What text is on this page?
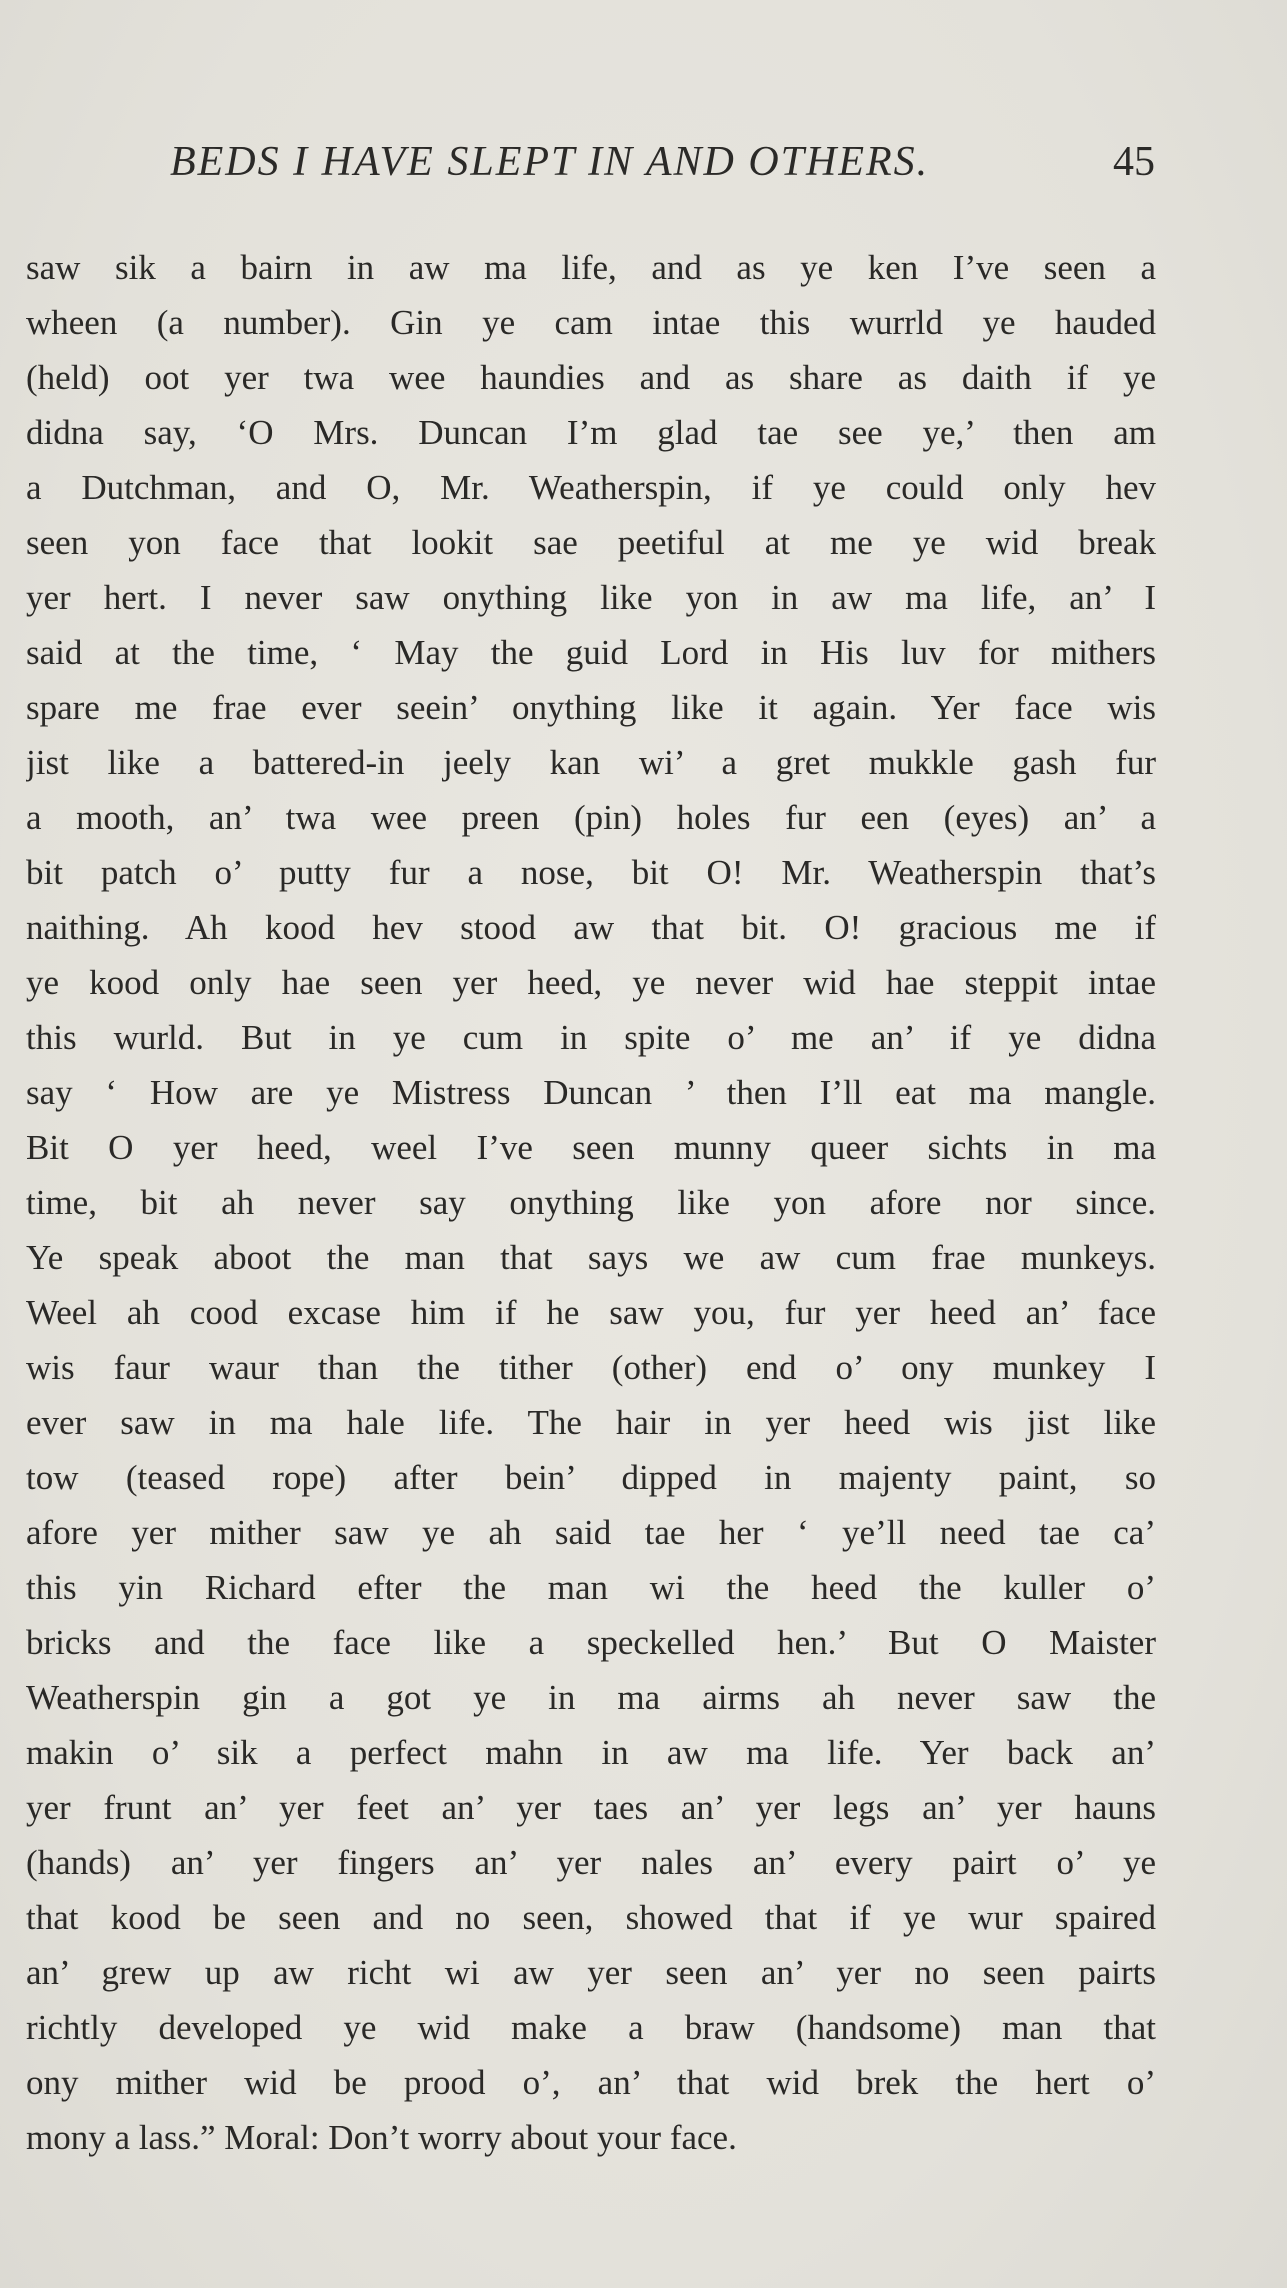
BEDS I HAVE SLEPT IN AND OTHERS.	45
saw sik a bairn in aw ma life, and as ye ken I’ve seen a
wheen (a number). Gin ye cam intae this wurrld ye hauded
(held) oot yer twa wee haundies and as share as daith if ye
didna say, ‘O Mrs. Duncan I’m glad tae see ye,’ then am
a Dutchman, and O, Mr. Weatherspin, if ye could only hev
seen yon face that lookit sae peetiful at me ye wid break
yer hert. I never saw onything like yon in aw ma life, an’ I
said at the time, ‘ May the guid Lord in His luv for mithers
spare me frae ever seein’ onything like it again. Yer face wis
jist like a battered-in jeely kan wi’ a gret mukkle gash fur
a mooth, an’ twa wee preen (pin) holes fur een (eyes) an’ a
bit patch o’ putty fur a nose, bit O! Mr. Weatherspin that’s
naithing. Ah kood hev stood aw that bit. O! gracious me if
ye kood only hae seen yer heed, ye never wid hae steppit intae
this wurld. But in ye cum in spite o’ me an’ if ye didna
say ‘ How are ye Mistress Duncan ’ then I’ll eat ma mangle.
Bit O yer heed, weel I’ve seen munny queer sichts in ma
time, bit ah never say onything like yon afore nor since.
Ye speak aboot the man that says we aw cum frae munkeys.
Weel ah cood excase him if he saw you, fur yer heed an’ face
wis faur waur than the tither (other) end o’ ony munkey I
ever saw in ma hale life. The hair in yer heed wis jist like
tow (teased rope) after bein’ dipped in majenty paint, so
afore yer mither saw ye ah said tae her ‘ ye’ll need tae ca’
this yin Richard efter the man wi the heed the kuller o’
bricks and the face like a speckelled hen.’ But O Maister
Weatherspin gin a got ye in ma airms ah never saw the
makin o’ sik a perfect mahn in aw ma life. Yer back an’
yer frunt an’ yer feet an’ yer taes an’ yer legs an’ yer hauns
(hands) an’ yer fingers an’ yer nales an’ every pairt o’ ye
that kood be seen and no seen, showed that if ye wur spaired
an’ grew up aw richt wi aw yer seen an’ yer no seen pairts
richtly developed ye wid make a braw (handsome) man that
ony mither wid be prood o’, an’ that wid brek the hert o’
mony a lass.” Moral: Don’t worry about your face.
